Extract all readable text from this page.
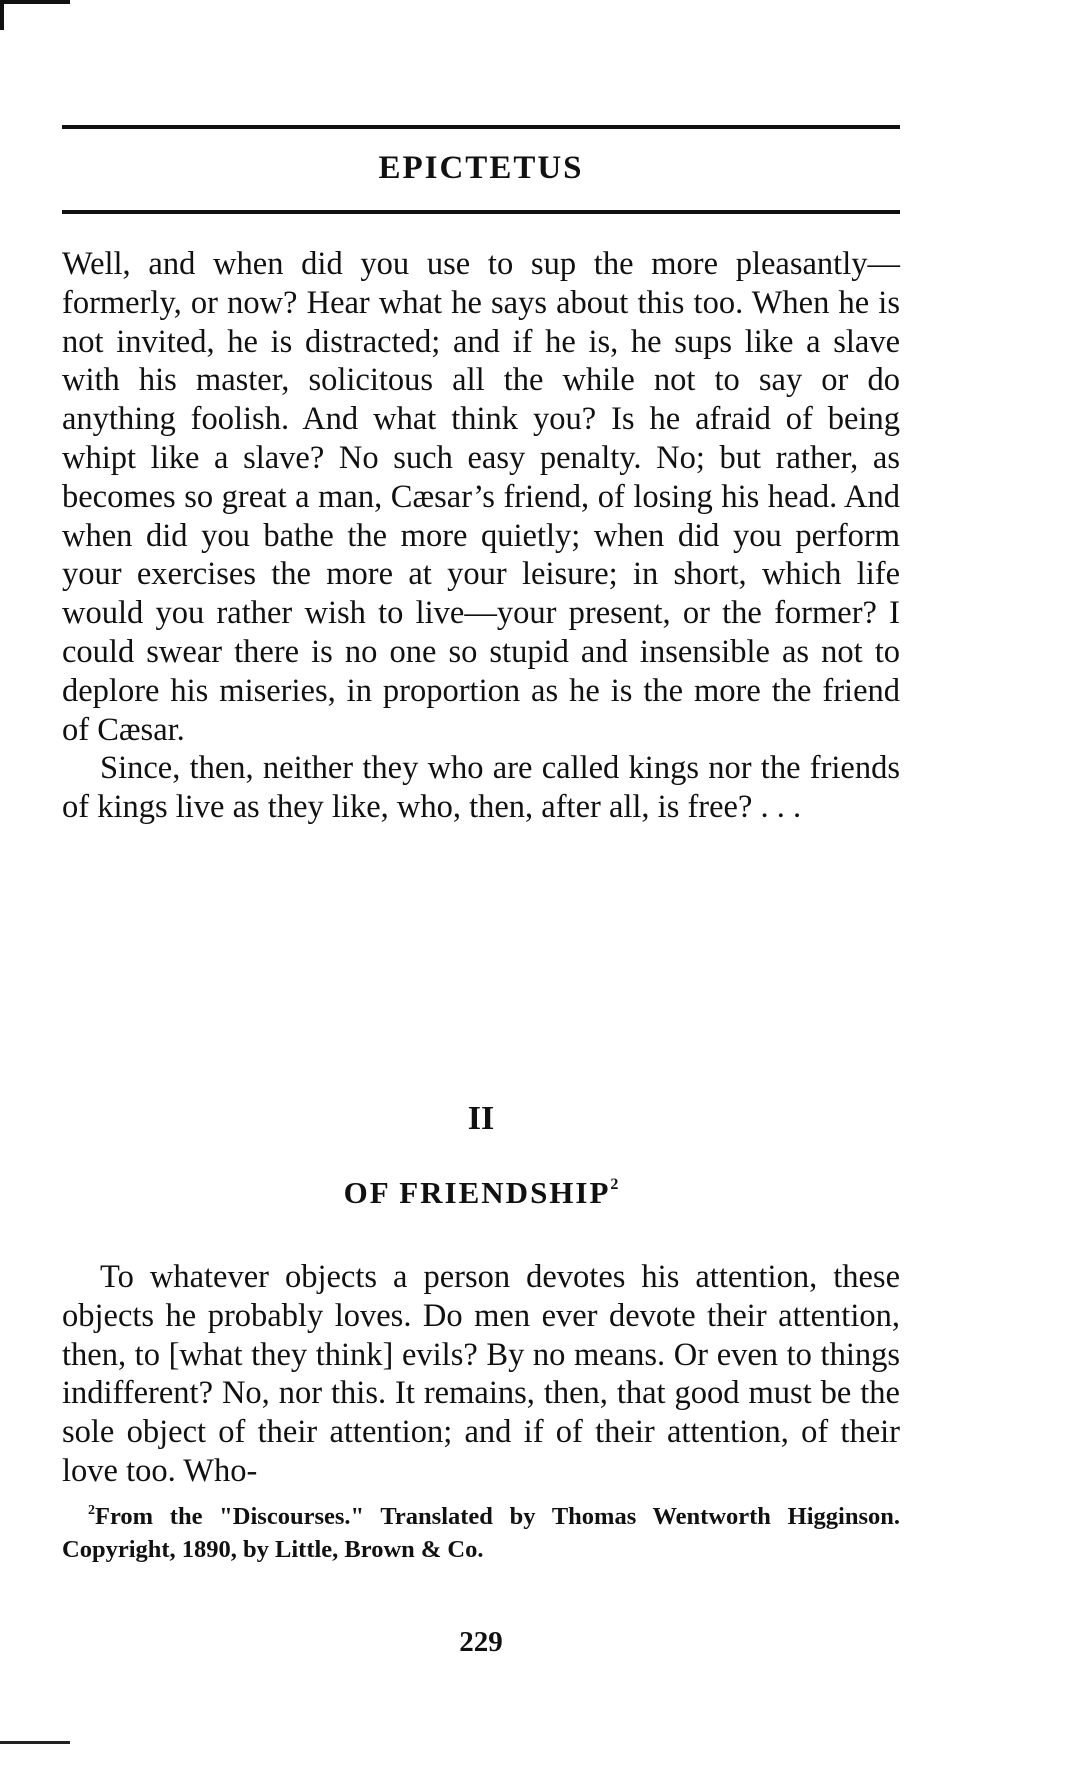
EPICTETUS

Well, and when did you use to sup the more pleasantly—formerly, or now? Hear what he says about this too. When he is not invited, he is distracted; and if he is, he sups like a slave with his master, solicitous all the while not to say or do anything foolish. And what think you? Is he afraid of being whipt like a slave? No such easy penalty. No; but rather, as becomes so great a man, Cæsar’s friend, of losing his head. And when did you bathe the more quietly; when did you perform your exercises the more at your leisure; in short, which life would you rather wish to live—your present, or the former? I could swear there is no one so stupid and insensible as not to deplore his miseries, in proportion as he is the more the friend of Cæsar.

Since, then, neither they who are called kings nor the friends of kings live as they like, who, then, after all, is free? . . .

II
OF FRIENDSHIP$^2$

To whatever objects a person devotes his attention, these objects he probably loves. Do men ever devote their attention, then, to [what they think] evils? By no means. Or even to things indifferent? No, nor this. It remains, then, that good must be the sole object of their attention; and if of their attention, of their love too. Who-

$^2$From the "Discourses." Translated by Thomas Wentworth Higginson. Copyright, 1890, by Little, Brown & Co.
229
